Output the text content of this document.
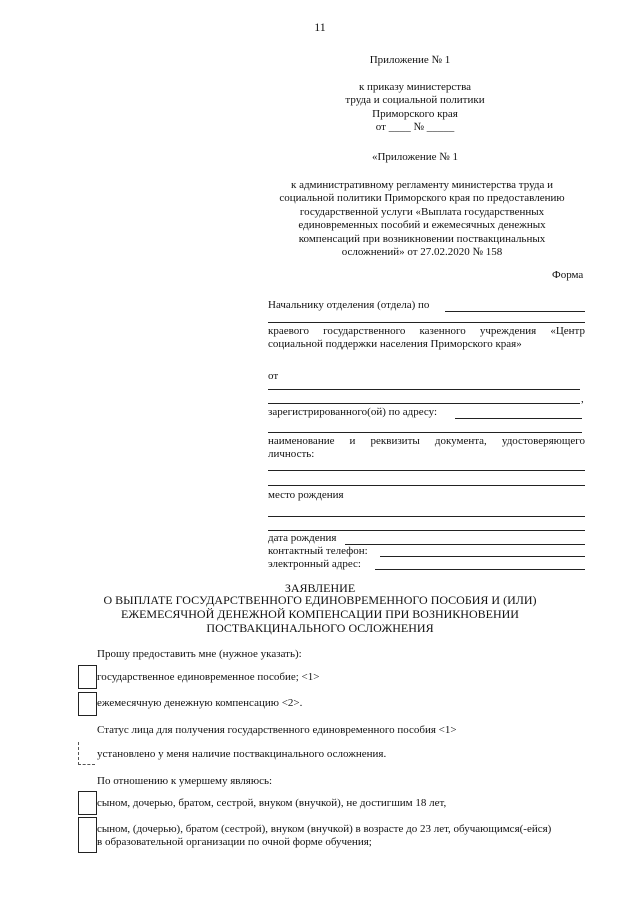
11
Приложение № 1
к приказу министерства
труда и социальной политики
Приморского края
от ____ № _____
«Приложение № 1
к административному регламенту министерства труда и
социальной политики Приморского края по предоставлению
государственной услуги «Выплата государственных
единовременных пособий и ежемесячных денежных
компенсаций при возникновении поствакцинальных
осложнений» от 27.02.2020 № 158
Форма
Начальнику отделения (отдела) по
краевого государственного казенного учреждения «Центр социальной поддержки населения Приморского края»
от
,
зарегистрированного(ой) по адресу:
наименование и реквизиты документа, удостоверяющего
личность:
место рождения
дата рождения
контактный телефон:
электронный адрес:
ЗАЯВЛЕНИЕ
О ВЫПЛАТЕ ГОСУДАРСТВЕННОГО ЕДИНОВРЕМЕННОГО ПОСОБИЯ И (ИЛИ)
ЕЖЕМЕСЯЧНОЙ ДЕНЕЖНОЙ КОМПЕНСАЦИИ ПРИ ВОЗНИКНОВЕНИИ
ПОСТВАКЦИНАЛЬНОГО ОСЛОЖНЕНИЯ
Прошу предоставить мне (нужное указать):
государственное единовременное пособие; <1>
ежемесячную денежную компенсацию <2>.
Статус лица для получения государственного единовременного пособия <1>
установлено у меня наличие поствакцинального осложнения.
По отношению к умершему являюсь:
сыном, дочерью, братом, сестрой, внуком (внучкой), не достигшим 18 лет,
сыном, (дочерью), братом (сестрой), внуком (внучкой) в возрасте до 23 лет, обучающимся(-ейся)
в образовательной организации по очной форме обучения;
